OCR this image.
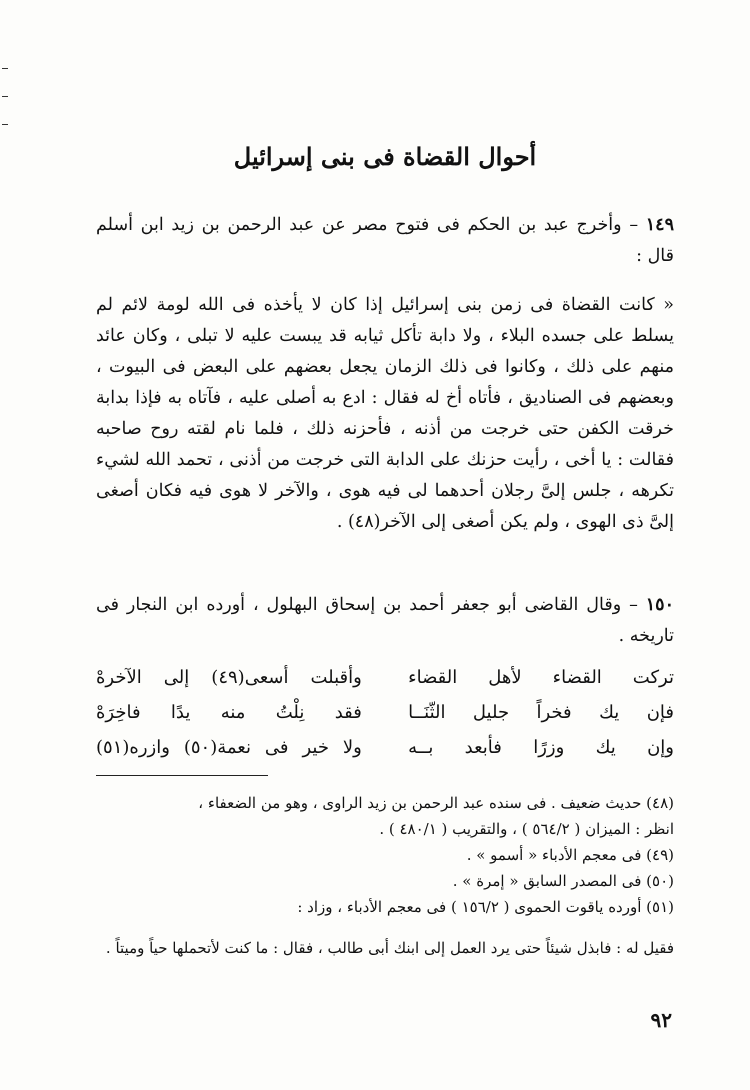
أحوال القضاة فى بنى إسرائيل
١٤٩ – وأخرج عبد بن الحكم فى فتوح مصر عن عبد الرحمن بن زيد ابن أسلم قال :
« كانت القضاة فى زمن بنى إسرائيل إذا كان لا يأخذه فى الله لومة لائم لم يسلط على جسده البلاء ، ولا دابة تأكل ثيابه قد يبست عليه لا تبلى ، وكان عائد منهم على ذلك ، وكانوا فى ذلك الزمان يجعل بعضهم على البعض فى البيوت ، وبعضهم فى الصناديق ، فأتاه أخ له فقال : ادع به أصلى عليه ، فآتاه به فإذا بدابة خرقت الكفن حتى خرجت من أذنه ، فأحزنه ذلك ، فلما نام لقته روح صاحبه فقالت : يا أخى ، رأيت حزنك على الدابة التى خرجت من أذنى ، تحمد الله لشيء تكرهه ، جلس إلىَّ رجلان أحدهما لى فيه هوى ، والآخر لا هوى فيه فكان أصغى إلىَّ ذى الهوى ، ولم يكن أصغى إلى الآخر(٤٨) .
١٥٠ – وقال القاضى أبو جعفر أحمد بن إسحاق البهلول ، أورده ابن النجار فى تاريخه .
تركت القضاء لأهل القضاء
وأقبلت أسعى(٤٩) إلى الآخرهْ
فإن يك فخراً جليل الثّنَــا
فقد نِلْتُ منه يدًا فاخِرَهْ
وإن يك وزرًا فأبعد بــه
ولا خير فى نعمة(٥٠) وازره(٥١)
(٤٨) حديث ضعيف . فى سنده عبد الرحمن بن زيد الراوى ، وهو من الضعفاء ،
انظر : الميزان ( ٥٦٤/٢ ) ، والتقريب ( ٤٨٠/١ ) .
(٤٩) فى معجم الأدباء « أسمو » .
(٥٠) فى المصدر السابق « إمرة » .
(٥١) أورده ياقوت الحموى ( ١٥٦/٢ ) فى معجم الأدباء ، وزاد :
فقيل له : فابذل شيئاً حتى يرد العمل إلى ابنك أبى طالب ، فقال : ما كنت لأتحملها حياً وميتاً .
٩٢
